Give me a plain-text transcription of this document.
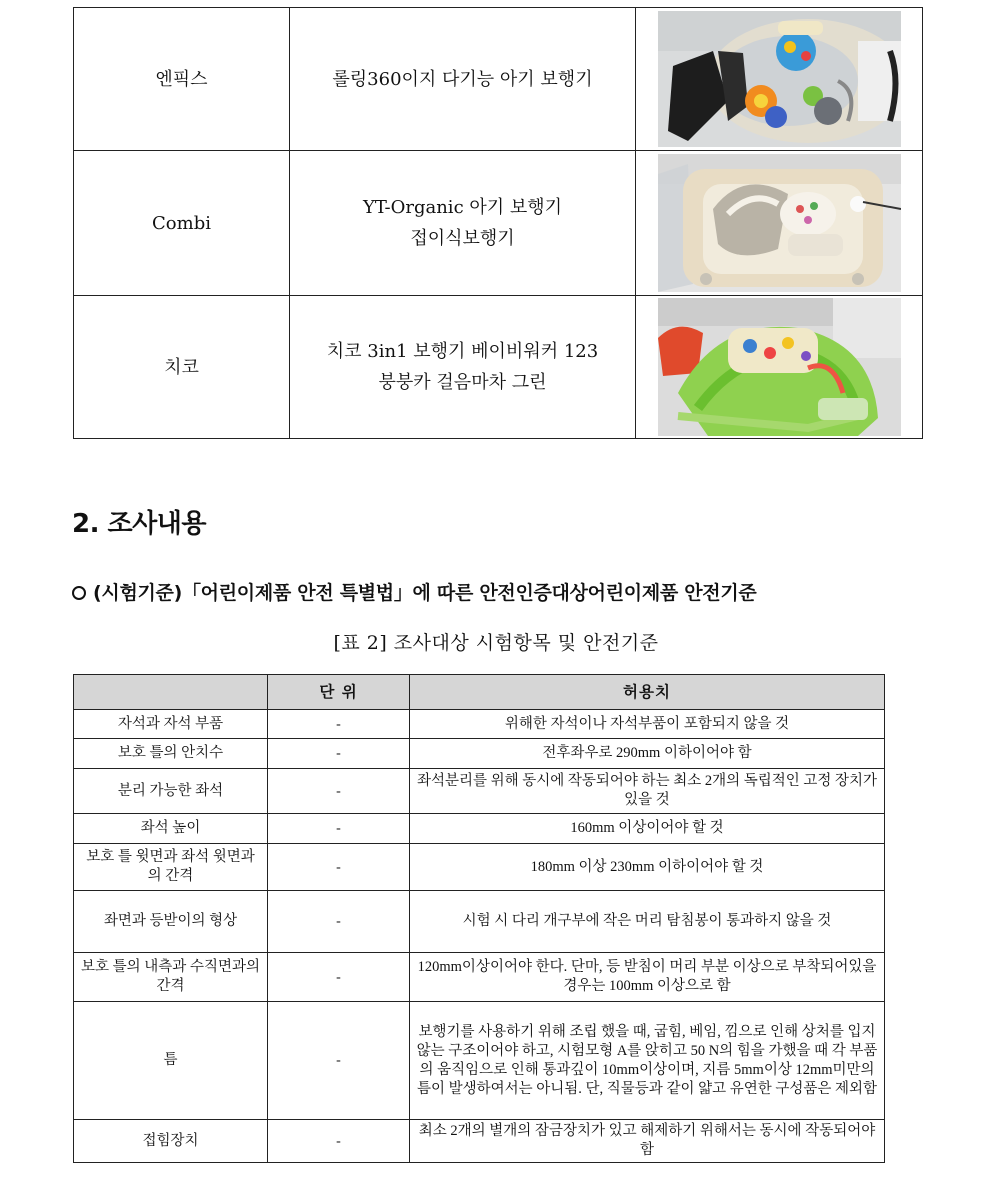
엔픽스	롤링360이지 다기능 아기 보행기

Combi	YT-Organic 아기 보행기
접이식보행기

치코	치코 3in1 보행기 베이비워커 123
붕붕카 걸음마차 그린

2. 조사내용

(시험기준)「어린이제품 안전 특별법」에 따른 안전인증대상어린이제품 안전기준

[표 2] 조사대상 시험항목 및 안전기준

	단 위	허용치
자석과 자석 부품	-	위해한 자석이나 자석부품이 포함되지 않을 것
보호 틀의 안치수	-	전후좌우로 290mm 이하이어야 함
분리 가능한 좌석	-	좌석분리를 위해 동시에 작동되어야 하는 최소 2개의 독립적인 고정 장치가 있을 것
좌석 높이	-	160mm 이상이어야 할 것
보호 틀 윗면과 좌석 윗면과의 간격	-	180mm 이상 230mm 이하이어야 할 것
좌면과 등받이의 형상	-	시험 시 다리 개구부에 작은 머리 탐침봉이 통과하지 않을 것
보호 틀의 내측과 수직면과의 간격	-	120mm이상이어야 한다. 단마, 등 받침이 머리 부분 이상으로 부착되어있을 경우는 100mm 이상으로 함
틈	-	보행기를 사용하기 위해 조립 했을 때, 굽힘, 베임, 낌으로 인해 상처를 입지 않는 구조이어야 하고, 시험모형 A를 앉히고 50 N의 힘을 가했을 때 각 부품의 움직임으로 인해 통과깊이 10mm이상이며, 지름 5mm이상 12mm미만의 틈이 발생하여서는 아니됨. 단, 직물등과 같이 얇고 유연한 구성품은 제외함
접힘장치	-	최소 2개의 별개의 잠금장치가 있고 해제하기 위해서는 동시에 작동되어야 함
